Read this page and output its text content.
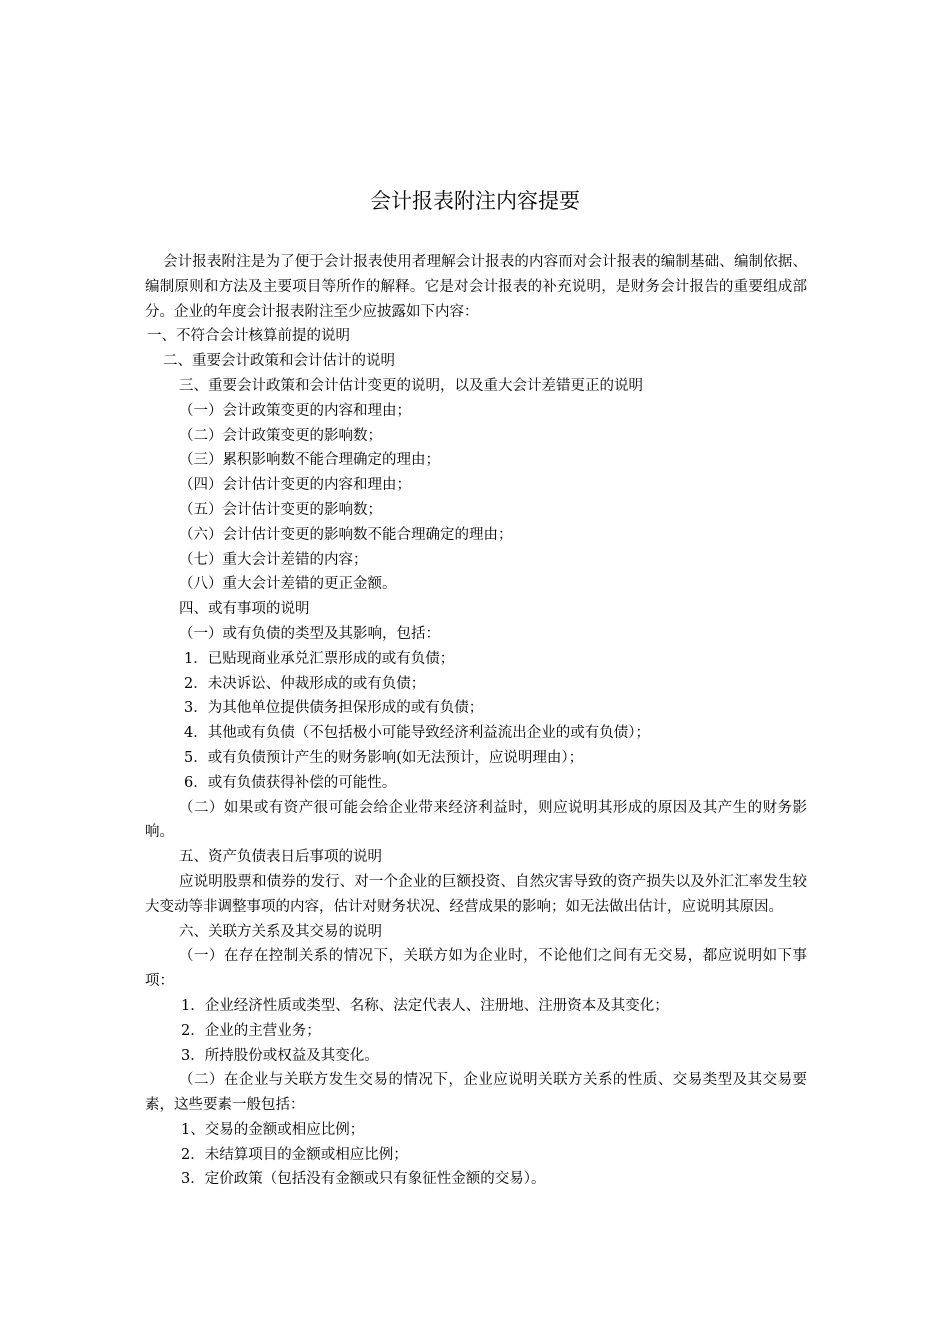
会计报表附注内容提要
会计报表附注是为了便于会计报表使用者理解会计报表的内容而对会计报表的编制基础、编制依据、编制原则和方法及主要项目等所作的解释。它是对会计报表的补充说明，是财务会计报告的重要组成部分。企业的年度会计报表附注至少应披露如下内容：
一、不符合会计核算前提的说明
二、重要会计政策和会计估计的说明
三、重要会计政策和会计估计变更的说明，以及重大会计差错更正的说明
（一）会计政策变更的内容和理由；
（二）会计政策变更的影响数；
（三）累积影响数不能合理确定的理由；
（四）会计估计变更的内容和理由；
（五）会计估计变更的影响数；
（六）会计估计变更的影响数不能合理确定的理由；
（七）重大会计差错的内容；
（八）重大会计差错的更正金额。
四、或有事项的说明
（一）或有负债的类型及其影响，包括：
1．已贴现商业承兑汇票形成的或有负债；
2．未决诉讼、仲裁形成的或有负债；
3．为其他单位提供债务担保形成的或有负债；
4．其他或有负债（不包括极小可能导致经济利益流出企业的或有负债）；
5．或有负债预计产生的财务影响(如无法预计，应说明理由）；
6．或有负债获得补偿的可能性。
（二）如果或有资产很可能会给企业带来经济利益时，则应说明其形成的原因及其产生的财务影响。
五、资产负债表日后事项的说明
应说明股票和债券的发行、对一个企业的巨额投资、自然灾害导致的资产损失以及外汇汇率发生较大变动等非调整事项的内容，估计对财务状况、经营成果的影响；如无法做出估计，应说明其原因。
六、关联方关系及其交易的说明
（一）在存在控制关系的情况下，关联方如为企业时，不论他们之间有无交易，都应说明如下事项：
1．企业经济性质或类型、名称、法定代表人、注册地、注册资本及其变化；
2．企业的主营业务；
3．所持股份或权益及其变化。
（二）在企业与关联方发生交易的情况下，企业应说明关联方关系的性质、交易类型及其交易要素，这些要素一般包括：
1、交易的金额或相应比例；
2．未结算项目的金额或相应比例；
3．定价政策（包括没有金额或只有象征性金额的交易）。
